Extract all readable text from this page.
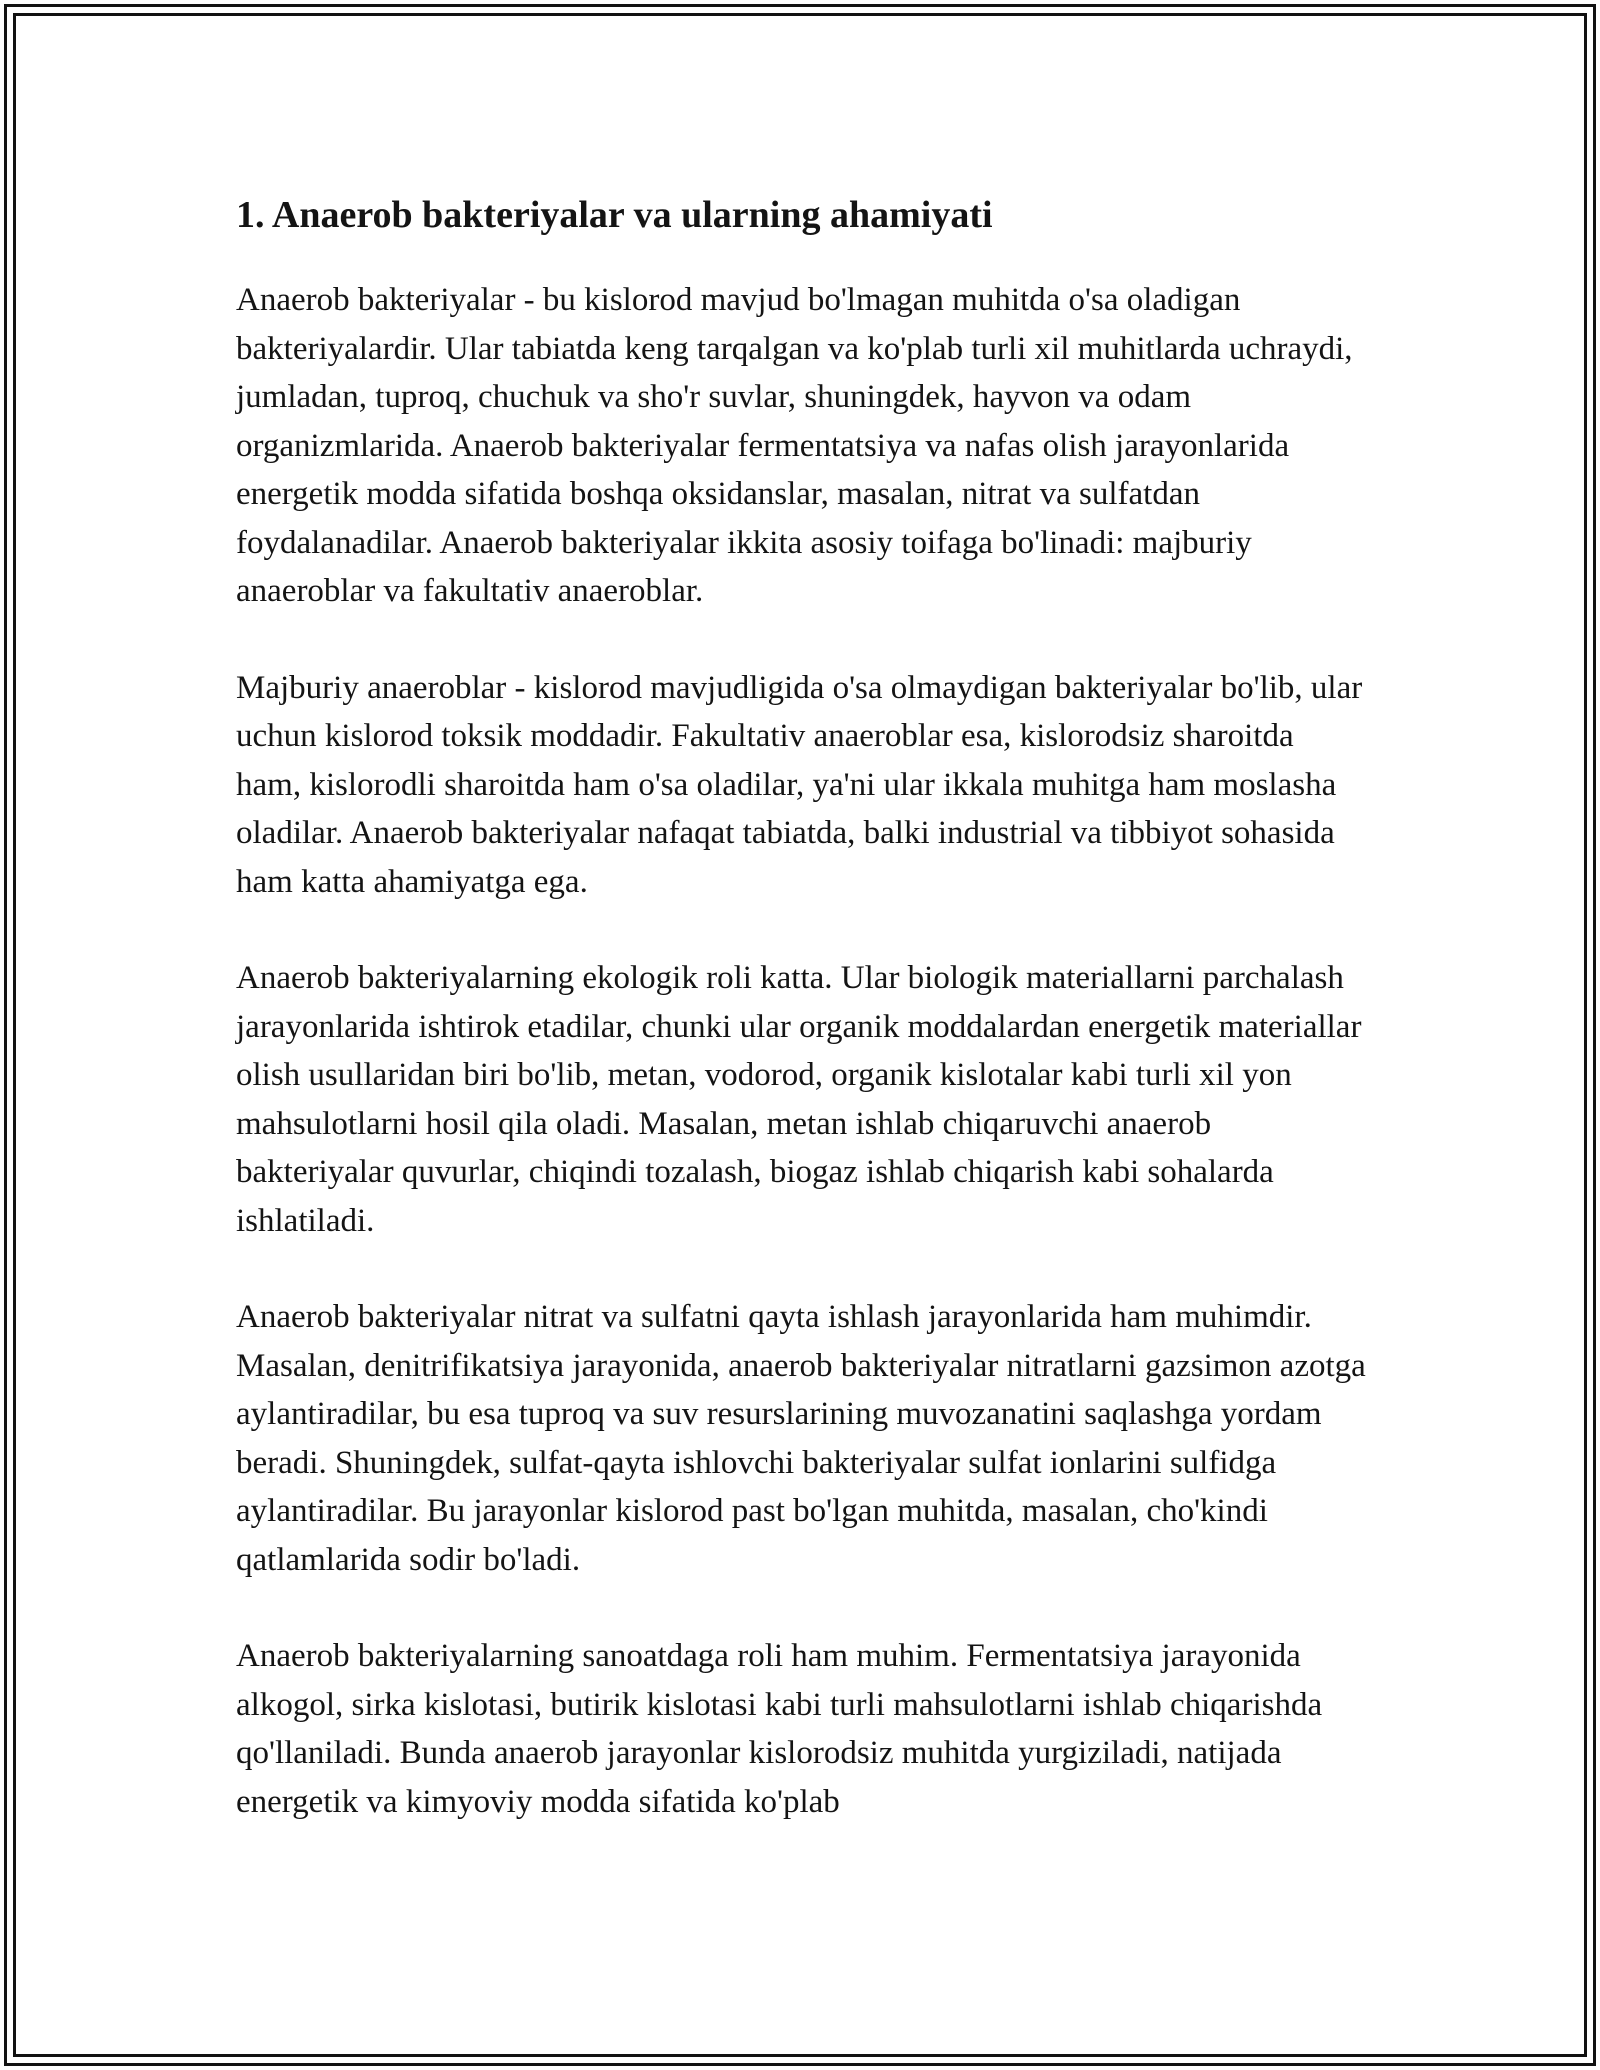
1. Anaerob bakteriyalar va ularning ahamiyati

Anaerob bakteriyalar - bu kislorod mavjud bo'lmagan muhitda o'sa oladigan bakteriyalardir. Ular tabiatda keng tarqalgan va ko'plab turli xil muhitlarda uchraydi, jumladan, tuproq, chuchuk va sho'r suvlar, shuningdek, hayvon va odam organizmlarida. Anaerob bakteriyalar fermentatsiya va nafas olish jarayonlarida energetik modda sifatida boshqa oksidanslar, masalan, nitrat va sulfatdan foydalanadilar. Anaerob bakteriyalar ikkita asosiy toifaga bo'linadi: majburiy anaeroblar va fakultativ anaeroblar.

Majburiy anaeroblar - kislorod mavjudligida o'sa olmaydigan bakteriyalar bo'lib, ular uchun kislorod toksik moddadir. Fakultativ anaeroblar esa, kislorodsiz sharoitda ham, kislorodli sharoitda ham o'sa oladilar, ya'ni ular ikkala muhitga ham moslasha oladilar. Anaerob bakteriyalar nafaqat tabiatda, balki industrial va tibbiyot sohasida ham katta ahamiyatga ega.

Anaerob bakteriyalarning ekologik roli katta. Ular biologik materiallarni parchalash jarayonlarida ishtirok etadilar, chunki ular organik moddalardan energetik materiallar olish usullaridan biri bo'lib, metan, vodorod, organik kislotalar kabi turli xil yon mahsulotlarni hosil qila oladi. Masalan, metan ishlab chiqaruvchi anaerob bakteriyalar quvurlar, chiqindi tozalash, biogaz ishlab chiqarish kabi sohalarda ishlatiladi.

Anaerob bakteriyalar nitrat va sulfatni qayta ishlash jarayonlarida ham muhimdir. Masalan, denitrifikatsiya jarayonida, anaerob bakteriyalar nitratlarni gazsimon azotga aylantiradilar, bu esa tuproq va suv resurslarining muvozanatini saqlashga yordam beradi. Shuningdek, sulfat-qayta ishlovchi bakteriyalar sulfat ionlarini sulfidga aylantiradilar. Bu jarayonlar kislorod past bo'lgan muhitda, masalan, cho'kindi qatlamlarida sodir bo'ladi.

Anaerob bakteriyalarning sanoatdaga roli ham muhim. Fermentatsiya jarayonida alkogol, sirka kislotasi, butirik kislotasi kabi turli mahsulotlarni ishlab chiqarishda qo'llaniladi. Bunda anaerob jarayonlar kislorodsiz muhitda yurgiziladi, natijada energetik va kimyoviy modda sifatida ko'plab
